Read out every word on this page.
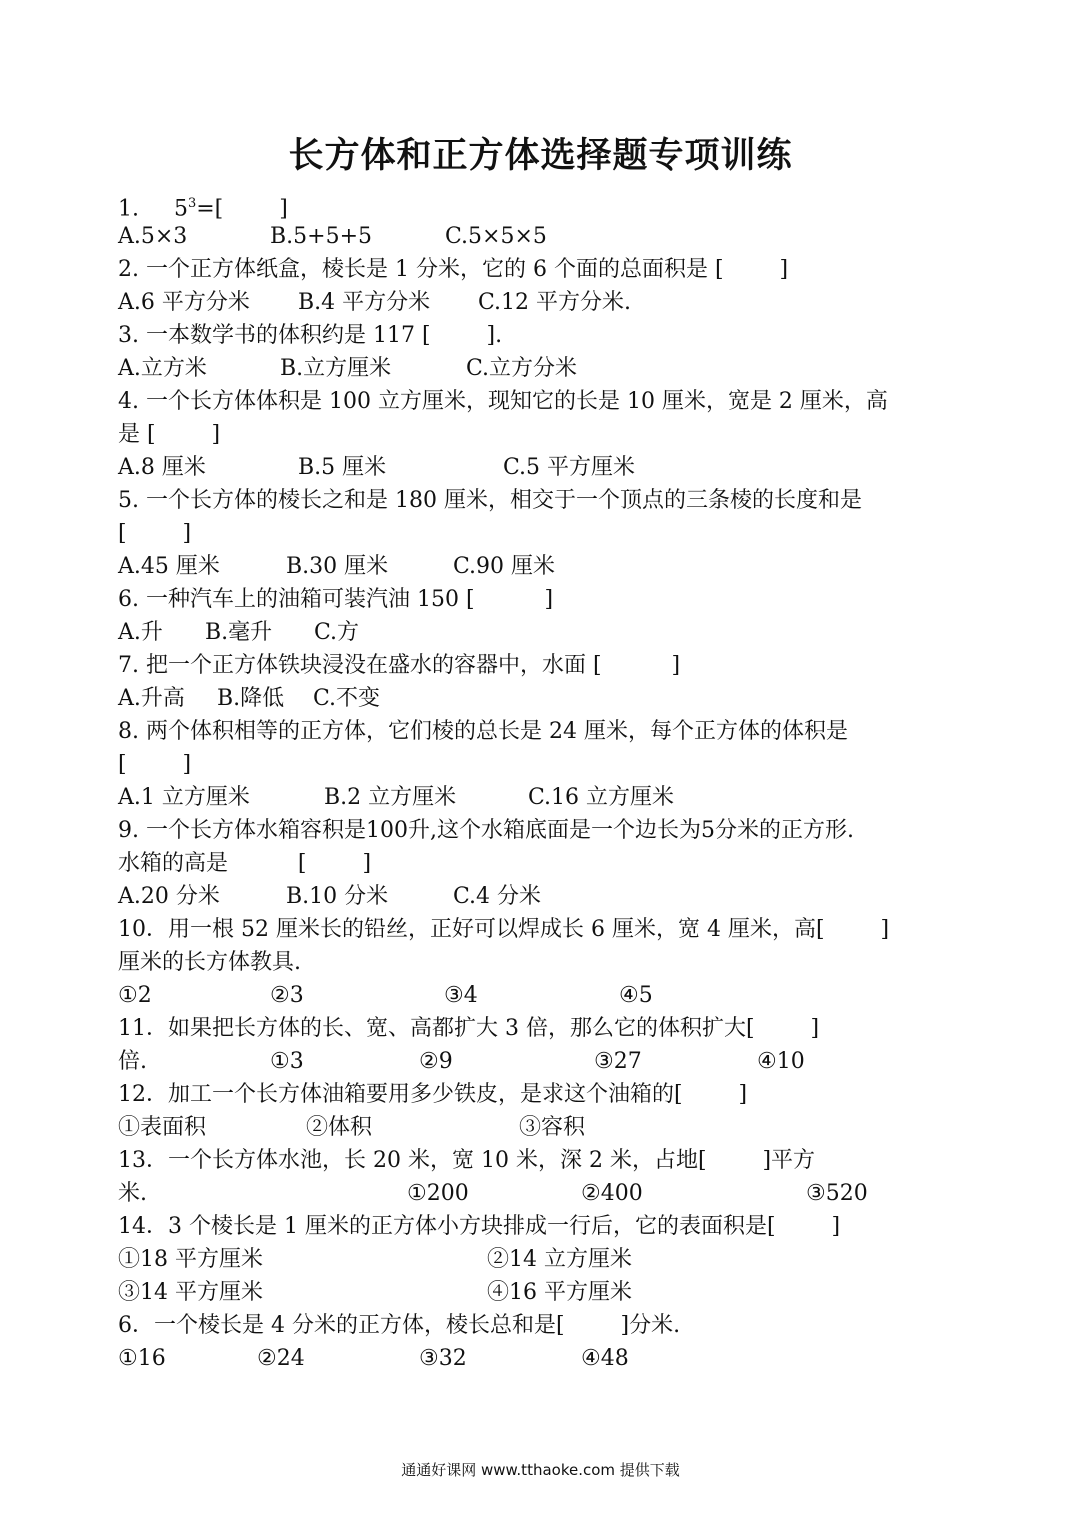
长方体和正方体选择题专项训练
1. $5^3=$[        ]
A.5×3	B.5+5+5	C.5×5×5
2. 一个正方体纸盒，棱长是 1 分米，它的 6 个面的总面积是 [        ]
A.6 平方分米 B.4 平方分米 C.12 平方分米.
3. 一本数学书的体积约是 117 [        ].
A.立方米	B.立方厘米	C.立方分米
4. 一个长方体体积是 100 立方厘米，现知它的长是 10 厘米，宽是 2 厘米，高
是 [        ]
A.8 厘米	B.5 厘米	C.5 平方厘米
5. 一个长方体的棱长之和是 180 厘米，相交于一个顶点的三条棱的长度和是
[        ]
A.45 厘米	B.30 厘米	C.90 厘米
6. 一种汽车上的油箱可装汽油 150 [          ]
A.升 B.毫升 C.方
7. 把一个正方体铁块浸没在盛水的容器中，水面 [          ]
A.升高 B.降低 C.不变
8. 两个体积相等的正方体，它们棱的总长是 24 厘米，每个正方体的体积是
[        ]
A.1 立方厘米	B.2 立方厘米	C.16 立方厘米
9. 一个长方体水箱容积是100升,这个水箱底面是一个边长为5分米的正方形.
水箱的高是          [        ]
A.20 分米	B.10 分米	C.4 分米
10．用一根 52 厘米长的铅丝，正好可以焊成长 6 厘米，宽 4 厘米，高[        ]
厘米的长方体教具.
①2	②3	③4	④5
11．如果把长方体的长、宽、高都扩大 3 倍，那么它的体积扩大[        ]
倍.	①3	②9	③27	④10
12．加工一个长方体油箱要用多少铁皮，是求这个油箱的[        ]
①表面积	②体积	③容积
13．一个长方体水池，长 20 米，宽 10 米，深 2 米，占地[        ]平方
米.	①200	②400	③520
14．3 个棱长是 1 厘米的正方体小方块排成一行后，它的表面积是[        ]
①18 平方厘米	②14 立方厘米
③14 平方厘米	④16 平方厘米
6．一个棱长是 4 分米的正方体，棱长总和是[        ]分米.
①16	②24	③32	④48
通通好课网 www.tthaoke.com 提供下载
